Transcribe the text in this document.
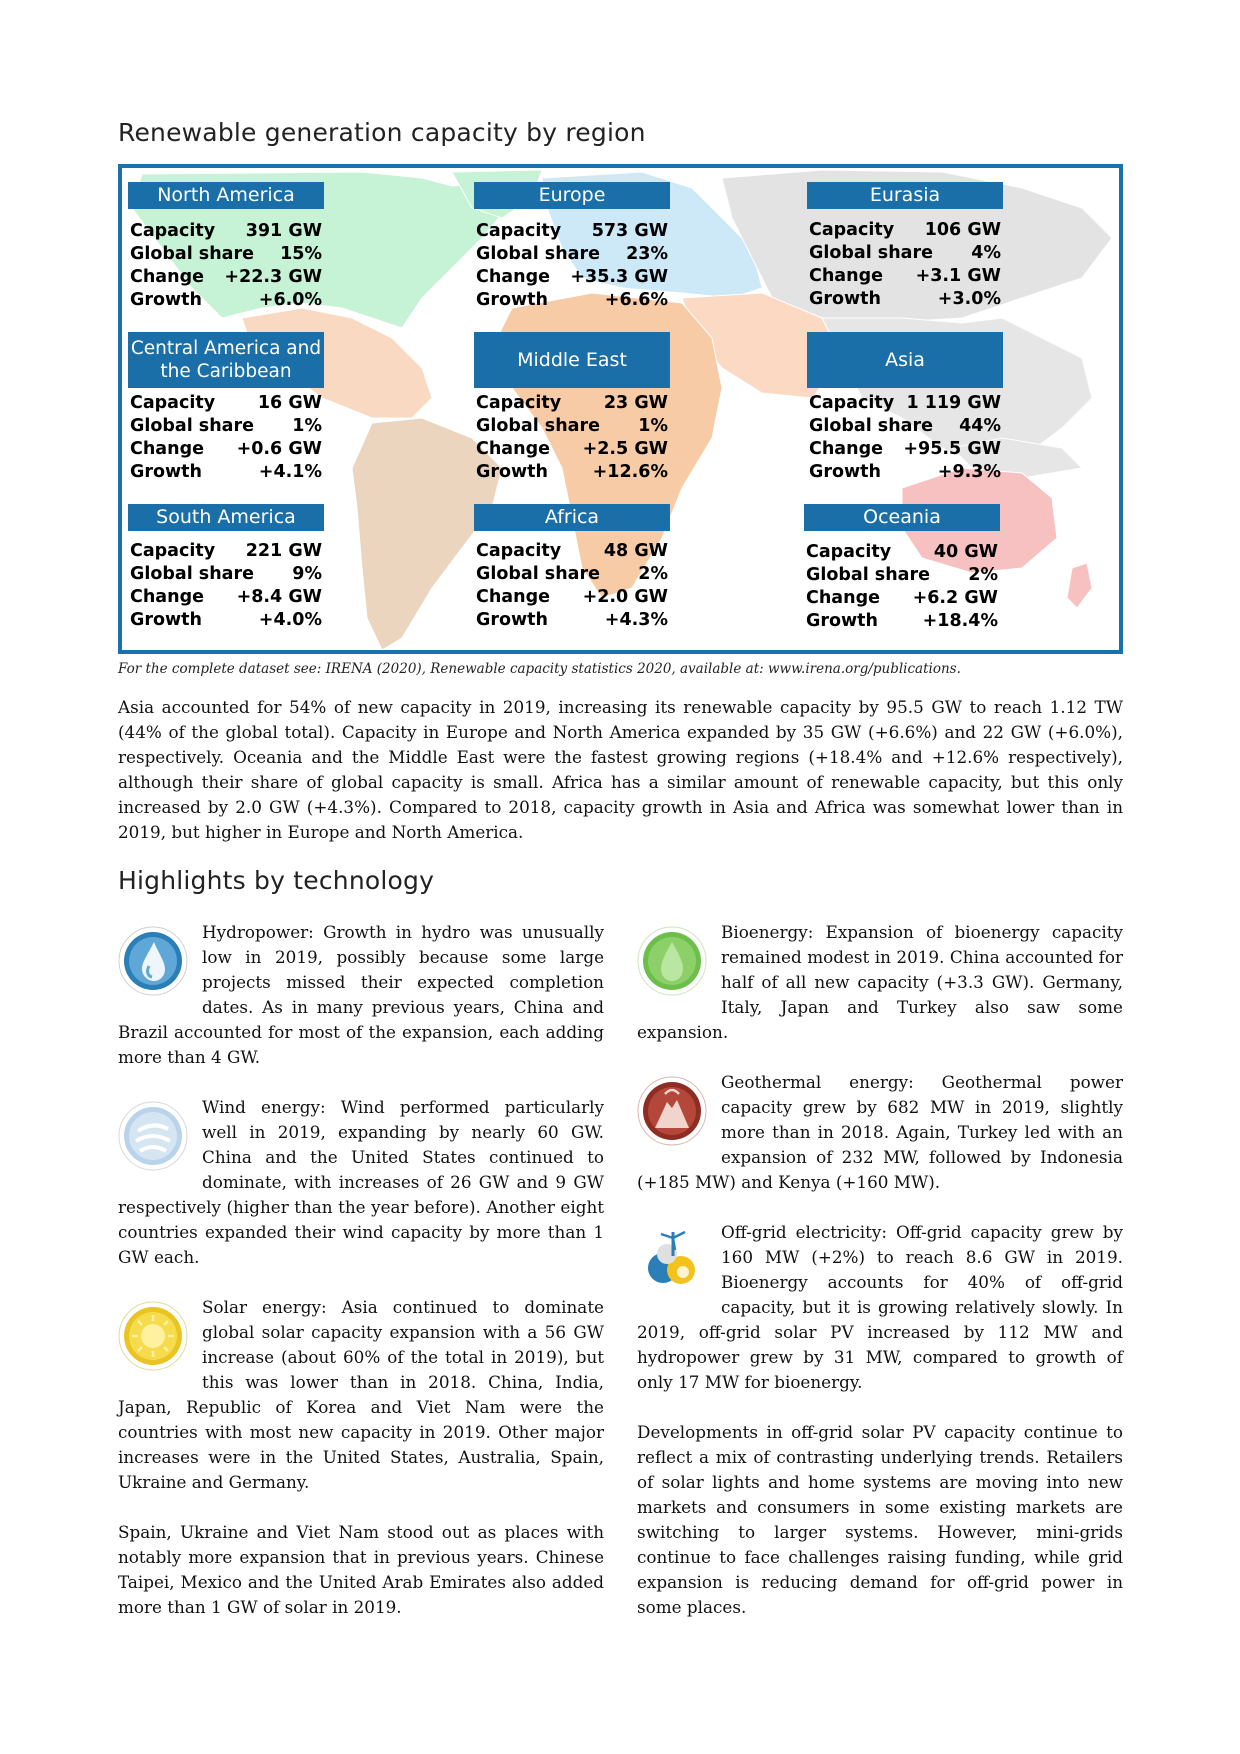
Renewable generation capacity by region
North America
Capacity 391 GW
Global share 15%
Change +22.3 GW
Growth	+6.0%
Europe
Capacity 573 GW
Global share 23%
Change +35.3 GW
Growth	+6.6%
Eurasia
Capacity 106 GW
Global share 4%
Change +3.1 GW
Growth	+3.0%
Central America and the Caribbean
Capacity 16 GW
Global share 1%
Change +0.6 GW
Growth	+4.1%
Middle East
Capacity 23 GW
Global share 1%
Change +2.5 GW
Growth	+12.6%
Asia
Capacity 1 119 GW
Global share 44%
Change +95.5 GW
Growth	+9.3%
South America
Capacity 221 GW
Global share 9%
Change +8.4 GW
Growth	+4.0%
Africa
Capacity 48 GW
Global share 2%
Change +2.0 GW
Growth	+4.3%
Oceania
Capacity 40 GW
Global share 2%
Change +6.2 GW
Growth	+18.4%
For the complete dataset see: IRENA (2020), Renewable capacity statistics 2020, available at: www.irena.org/publications.

Asia accounted for 54% of new capacity in 2019, increasing its renewable capacity by 95.5 GW to reach 1.12 TW (44% of the global total). Capacity in Europe and North America expanded by 35 GW (+6.6%) and 22 GW (+6.0%), respectively. Oceania and the Middle East were the fastest growing regions (+18.4% and +12.6% respectively), although their share of global capacity is small. Africa has a similar amount of renewable capacity, but this only increased by 2.0 GW (+4.3%). Compared to 2018, capacity growth in Asia and Africa was somewhat lower than in 2019, but higher in Europe and North America.

Highlights by technology
Hydropower: Growth in hydro was unusually low in 2019, possibly because some large projects missed their expected completion dates. As in many previous years, China and Brazil accounted for most of the expansion, each adding more than 4 GW.
Wind energy: Wind performed particularly well in 2019, expanding by nearly 60 GW. China and the United States continued to dominate, with increases of 26 GW and 9 GW respectively (higher than the year before). Another eight countries expanded their wind capacity by more than 1 GW each.
Solar energy: Asia continued to dominate global solar capacity expansion with a 56 GW increase (about 60% of the total in 2019), but this was lower than in 2018. China, India, Japan, Republic of Korea and Viet Nam were the countries with most new capacity in 2019. Other major increases were in the United States, Australia, Spain, Ukraine and Germany.

Spain, Ukraine and Viet Nam stood out as places with notably more expansion that in previous years. Chinese Taipei, Mexico and the United Arab Emirates also added more than 1 GW of solar in 2019.

Bioenergy: Expansion of bioenergy capacity remained modest in 2019. China accounted for half of all new capacity (+3.3 GW). Germany, Italy, Japan and Turkey also saw some expansion.
Geothermal energy: Geothermal power capacity grew by 682 MW in 2019, slightly more than in 2018. Again, Turkey led with an expansion of 232 MW, followed by Indonesia (+185 MW) and Kenya (+160 MW).
Off-grid electricity: Off-grid capacity grew by 160 MW (+2%) to reach 8.6 GW in 2019. Bioenergy accounts for 40% of off-grid capacity, but it is growing relatively slowly. In 2019, off-grid solar PV increased by 112 MW and hydropower grew by 31 MW, compared to growth of only 17 MW for bioenergy.

Developments in off-grid solar PV capacity continue to reflect a mix of contrasting underlying trends. Retailers of solar lights and home systems are moving into new markets and consumers in some existing markets are switching to larger systems. However, mini-grids continue to face challenges raising funding, while grid expansion is reducing demand for off-grid power in some places.
